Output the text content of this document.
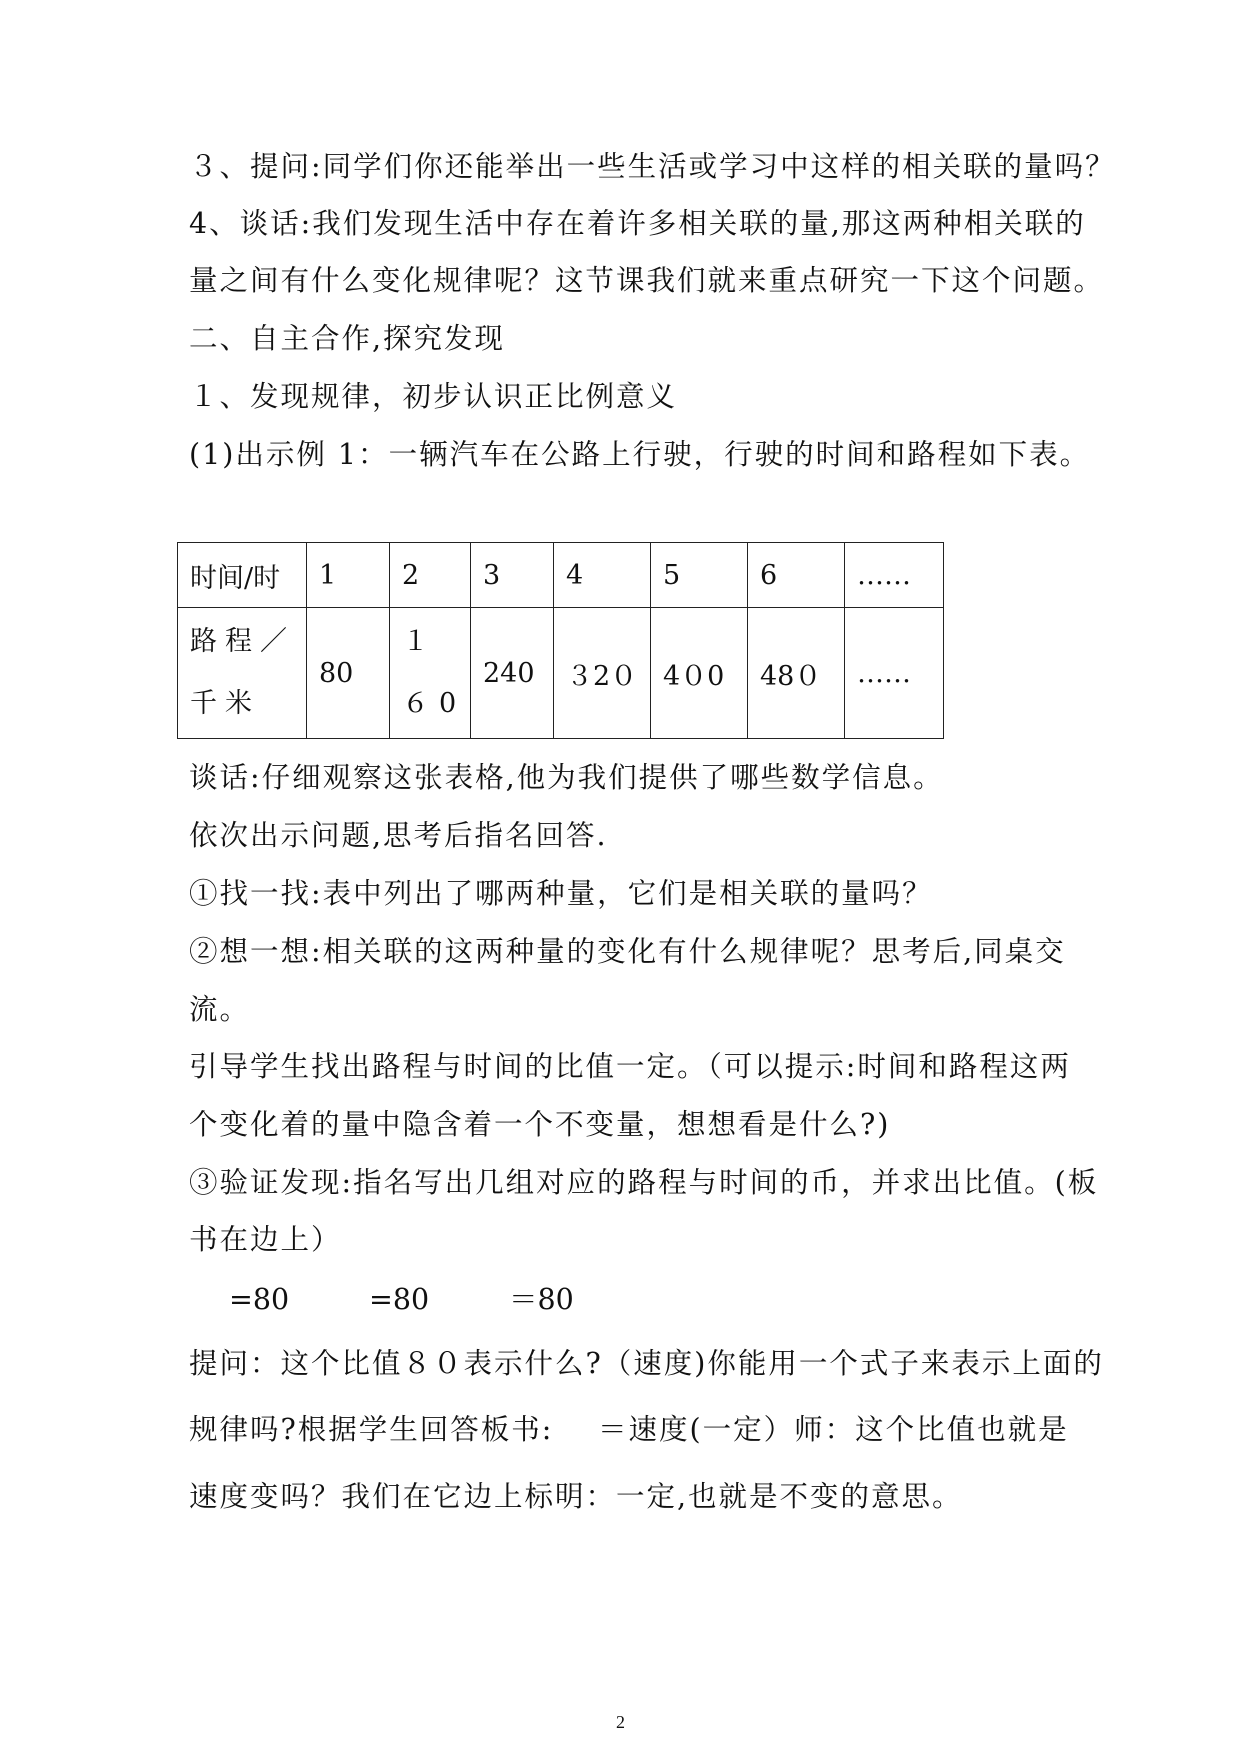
３、提问:同学们你还能举出一些生活或学习中这样的相关联的量吗？
4、谈话:我们发现生活中存在着许多相关联的量,那这两种相关联的
量之间有什么变化规律呢？这节课我们就来重点研究一下这个问题。
二、自主合作,探究发现
１、发现规律，初步认识正比例意义
(1)出示例 1：一辆汽车在公路上行驶，行驶的时间和路程如下表。
时间/时	1	2	3	4	5	6	……
路程／千米	80	１６0	240	３2０	4０0	48０	……
谈话:仔细观察这张表格,他为我们提供了哪些数学信息。
依次出示问题,思考后指名回答.
①找一找:表中列出了哪两种量，它们是相关联的量吗？
②想一想:相关联的这两种量的变化有什么规律呢？思考后,同桌交
流。
引导学生找出路程与时间的比值一定。（可以提示:时间和路程这两
个变化着的量中隐含着一个不变量，想想看是什么?)
③验证发现:指名写出几组对应的路程与时间的币，并求出比值。(板
书在边上）
=80	=80	＝80
提问：这个比值８０表示什么?（速度)你能用一个式子来表示上面的
规律吗?根据学生回答板书:	＝速度(一定）师：这个比值也就是
速度变吗？我们在它边上标明：一定,也就是不变的意思。
2
